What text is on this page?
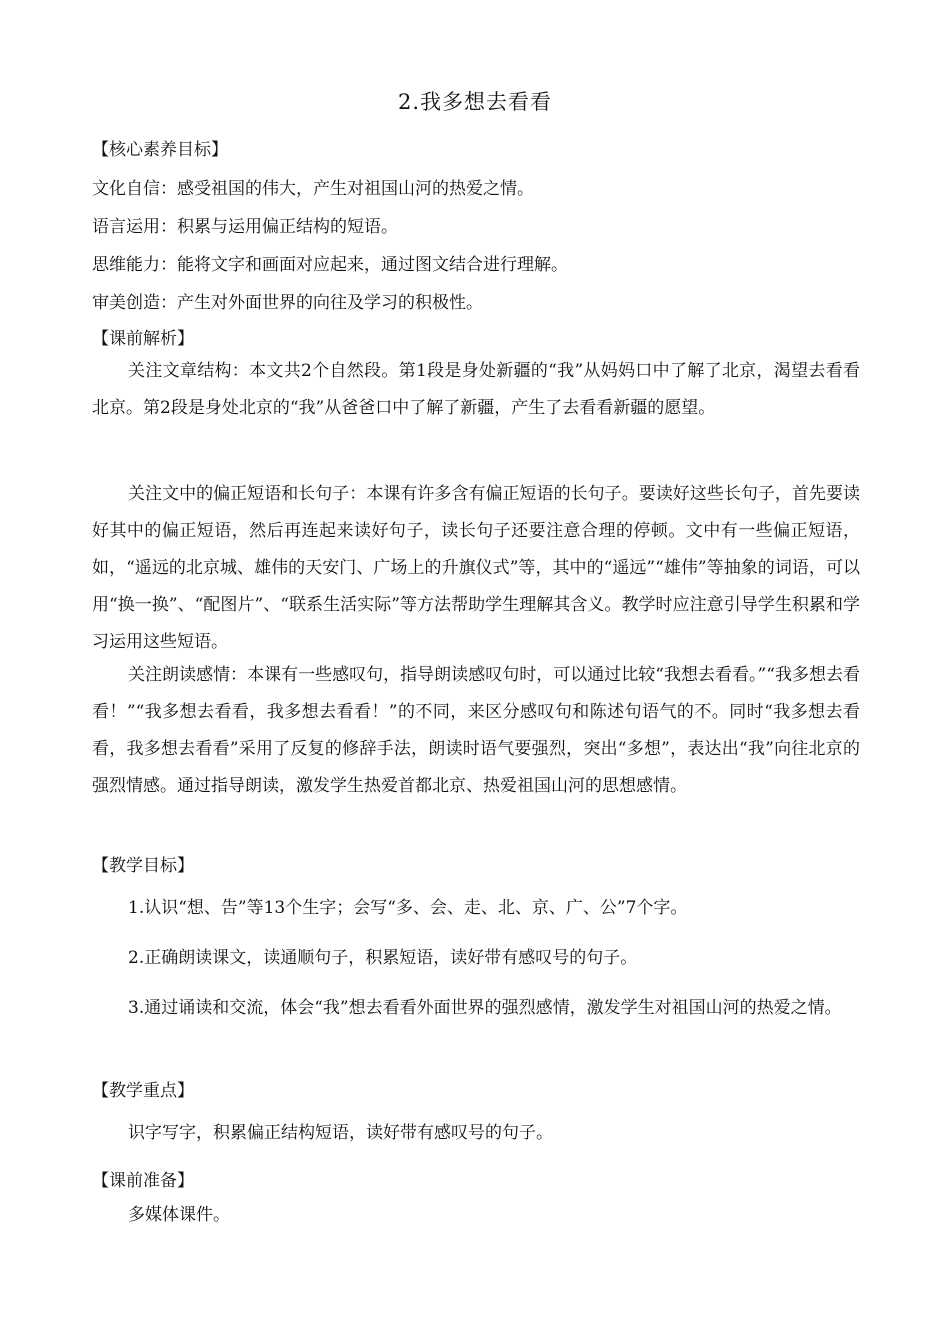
2.我多想去看看
【核心素养目标】
文化自信：感受祖国的伟大，产生对祖国山河的热爱之情。
语言运用：积累与运用偏正结构的短语。
思维能力：能将文字和画面对应起来，通过图文结合进行理解。
审美创造：产生对外面世界的向往及学习的积极性。
【课前解析】
关注文章结构：本文共2个自然段。第1段是身处新疆的“我”从妈妈口中了解了北京，渴望去看看北京。第2段是身处北京的“我”从爸爸口中了解了新疆，产生了去看看新疆的愿望。
关注文中的偏正短语和长句子：本课有许多含有偏正短语的长句子。要读好这些长句子，首先要读好其中的偏正短语，然后再连起来读好句子，读长句子还要注意合理的停顿。文中有一些偏正短语，如，“遥远的北京城、雄伟的天安门、广场上的升旗仪式”等，其中的“遥远”“雄伟”等抽象的词语，可以用“换一换”、“配图片”、“联系生活实际”等方法帮助学生理解其含义。教学时应注意引导学生积累和学习运用这些短语。
关注朗读感情：本课有一些感叹句，指导朗读感叹句时，可以通过比较“我想去看看。”“我多想去看看！”“我多想去看看，我多想去看看！”的不同，来区分感叹句和陈述句语气的不。同时“我多想去看看，我多想去看看”采用了反复的修辞手法，朗读时语气要强烈，突出“多想”，表达出“我”向往北京的强烈情感。通过指导朗读，激发学生热爱首都北京、热爱祖国山河的思想感情。
【教学目标】
1.认识“想、告”等13个生字；会写“多、会、走、北、京、广、公”7个字。
2.正确朗读课文，读通顺句子，积累短语，读好带有感叹号的句子。
3.通过诵读和交流，体会“我”想去看看外面世界的强烈感情，激发学生对祖国山河的热爱之情。
【教学重点】
识字写字，积累偏正结构短语，读好带有感叹号的句子。
【课前准备】
多媒体课件。
